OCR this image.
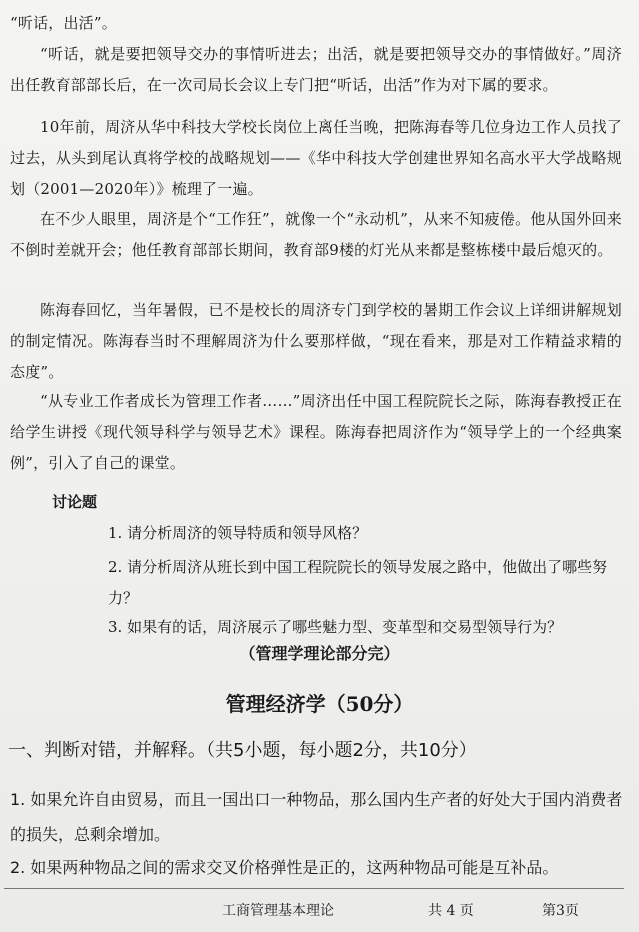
“听话，出活”。

“听话，就是要把领导交办的事情听进去；出活，就是要把领导交办的事情做好。”周济出任教育部部长后，在一次司局长会议上专门把“听话，出活”作为对下属的要求。

10年前，周济从华中科技大学校长岗位上离任当晚，把陈海春等几位身边工作人员找了过去，从头到尾认真将学校的战略规划——《华中科技大学创建世界知名高水平大学战略规划（2001—2020年）》梳理了一遍。

在不少人眼里，周济是个“工作狂”，就像一个“永动机”，从来不知疲倦。他从国外回来不倒时差就开会；他任教育部部长期间，教育部9楼的灯光从来都是整栋楼中最后熄灭的。

陈海春回忆，当年暑假，已不是校长的周济专门到学校的暑期工作会议上详细讲解规划的制定情况。陈海春当时不理解周济为什么要那样做，“现在看来，那是对工作精益求精的态度”。

“从专业工作者成长为管理工作者……”周济出任中国工程院院长之际，陈海春教授正在给学生讲授《现代领导科学与领导艺术》课程。陈海春把周济作为“领导学上的一个经典案例”，引入了自己的课堂。

讨论题
1. 请分析周济的领导特质和领导风格？
2. 请分析周济从班长到中国工程院院长的领导发展之路中，他做出了哪些努力？
3. 如果有的话，周济展示了哪些魅力型、变革型和交易型领导行为？
（管理学理论部分完）
管理经济学（50分）
一、判断对错，并解释。（共5小题，每小题2分，共10分）
1. 如果允许自由贸易，而且一国出口一种物品，那么国内生产者的好处大于国内消费者的损失，总剩余增加。
2. 如果两种物品之间的需求交叉价格弹性是正的，这两种物品可能是互补品。
工商管理基本理论	共 4 页	第3页
